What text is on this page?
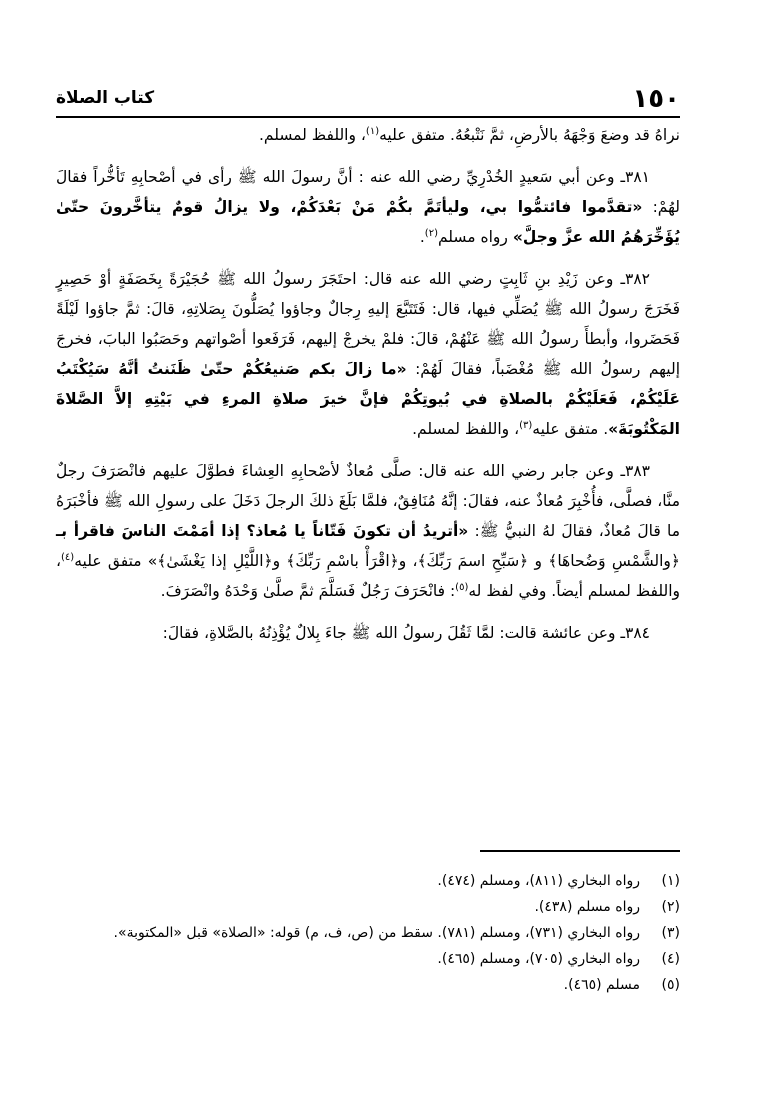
١٥٠
كتاب الصلاة

نراهُ قد وضعَ وَجْهَهُ بالأرضِ، ثمَّ نَتْبعُهُ. متفق عليه$^{(١)}$، واللفظ لمسلم.

٣٨١ـ وعن أبي سَعيدٍ الخُدْرِيِّ رضي الله عنه : أنَّ رسولَ الله ﷺ رأى في أصْحابِهِ تَأخُّراً فقالَ لهُمْ: «تقدَّموا فائتمُّوا بي، وليأتَمَّ بكُمْ مَنْ بَعْدَكُمْ، ولا يزالُ قومٌ يتأخَّرونَ حتّىٰ يُؤَخِّرَهُمُ الله عزَّ وجلَّ» رواه مسلم$^{(٢)}$.

٣٨٢ـ وعن زَيْدِ بنِ ثَابِتٍ رضي الله عنه قال: احتَجَرَ رسولُ الله ﷺ حُجَيْرَةً بِخَصَفَةٍ أوْ حَصِيرٍ فَخَرَجَ رسولُ الله ﷺ يُصَلِّي فيها، قال: فَتَتَبَّعَ إليهِ رِجالٌ وجاؤوا يُصَلُّونَ بِصَلاتِهِ، قالَ: ثمَّ جاؤوا لَيْلَةً فَحَضَروا، وأبطأَ رسولُ الله ﷺ عَنْهُمْ، قالَ: فلمْ يخرجْ إليهم، فَرَفَعوا أصْواتهم وحَصَبُوا البابَ، فخرجَ إليهم رسولُ الله ﷺ مُغْضَباً، فقالَ لَهُمْ: «ما زالَ بكم صَنيعُكُمْ حتّىٰ ظَنَنتُ أنَّهُ سَيُكْتَبُ عَلَيْكُمْ، فَعَلَيْكُمْ بالصلاةِ في بُيوتِكُمْ فإنَّ خيرَ صلاةِ المرءِ في بَيْتِهِ إلاَّ الصَّلاةَ المَكْتُوبَةَ». متفق عليه$^{(٣)}$، واللفظ لمسلم.

٣٨٣ـ وعن جابر رضي الله عنه قال: صلَّى مُعاذٌ لأصْحابِهِ العِشاءَ فطوَّلَ عليهم فانْصَرَفَ رجلٌ منَّا، فصلَّى، فأُخْبِرَ مُعاذٌ عنه، فقالَ: إنَّهُ مُنَافِقٌ، فلمَّا بَلَغَ ذلكَ الرجلَ دَخَلَ على رسولِ الله ﷺ فأخْبَرَهُ ما قالَ مُعاذٌ، فقالَ لهُ النبيُّ ﷺ: «أتريدُ أن تكونَ فَتّاناً يا مُعاذ؟ إذا أمَمْتَ الناسَ فاقرأ بـ ﴿والشَّمْسِ وَضُحاهَا﴾ و ﴿سَبِّحِ اسمَ رَبِّكَ﴾، و﴿اقْرَأْ باسْمِ رَبِّكَ﴾ و﴿اللَّيْلِ إذا يَغْشَىٰ﴾» متفق عليه$^{(٤)}$، واللفظ لمسلم أيضاً. وفي لفظ له$^{(٥)}$: فانْحَرَفَ رَجُلٌ فَسَلَّمَ ثمَّ صلَّىٰ وَحْدَهُ وانْصَرَفَ.

٣٨٤ـ وعن عائشة قالت: لمَّا ثَقُلَ رسولُ الله ﷺ جاءَ بِلالٌ يُؤْذِنُهُ بالصَّلاةِ، فقالَ:

(١)
رواه البخاري (٨١١)، ومسلم (٤٧٤).
(٢)
رواه مسلم (٤٣٨).
(٣)
رواه البخاري (٧٣١)، ومسلم (٧٨١). سقط من (ص، ف، م) قوله: «الصلاة» قبل «المكتوبة».
(٤)
رواه البخاري (٧٠٥)، ومسلم (٤٦٥).
(٥)
مسلم (٤٦٥).
